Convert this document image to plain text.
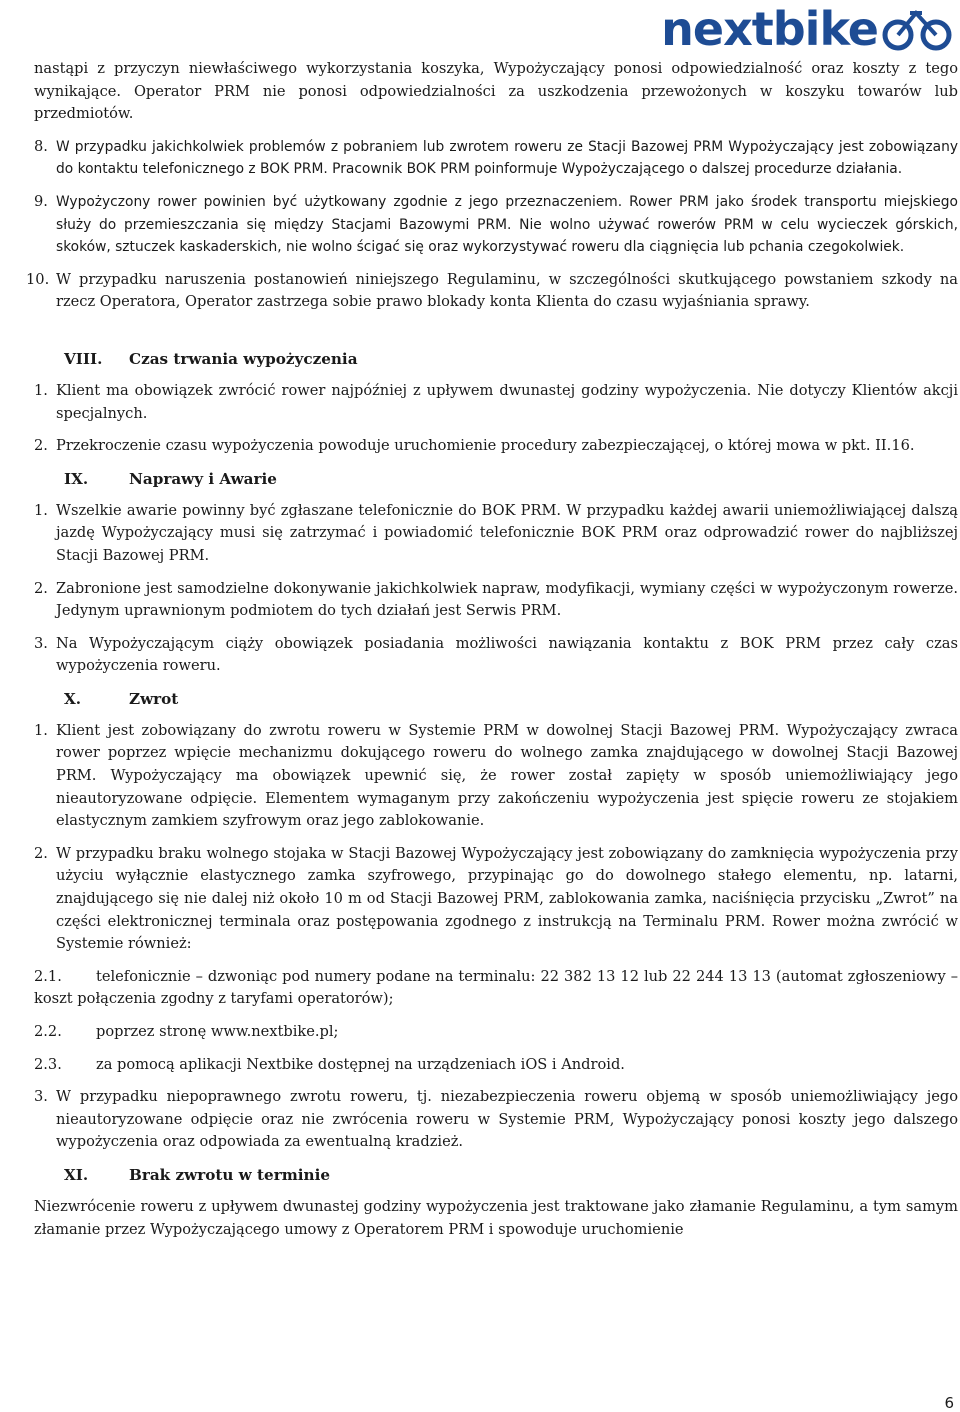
nextbike

nastąpi z przyczyn niewłaściwego wykorzystania koszyka, Wypożyczający ponosi odpowiedzialność oraz koszty z tego wynikające. Operator PRM nie ponosi odpowiedzialności za uszkodzenia przewożonych w koszyku towarów lub przedmiotów.

8. W przypadku jakichkolwiek problemów z pobraniem lub zwrotem roweru ze Stacji Bazowej PRM Wypożyczający jest zobowiązany do kontaktu telefonicznego z BOK PRM. Pracownik BOK PRM poinformuje Wypożyczającego o dalszej procedurze działania.
9. Wypożyczony rower powinien być użytkowany zgodnie z jego przeznaczeniem. Rower PRM jako środek transportu miejskiego służy do przemieszczania się między Stacjami Bazowymi PRM. Nie wolno używać rowerów PRM w celu wycieczek górskich, skoków, sztuczek kaskaderskich, nie wolno ścigać się oraz wykorzystywać roweru dla ciągnięcia lub pchania czegokolwiek.
10. W przypadku naruszenia postanowień niniejszego Regulaminu, w szczególności skutkującego powstaniem szkody na rzecz Operatora, Operator zastrzega sobie prawo blokady konta Klienta do czasu wyjaśniania sprawy.
VIII.	Czas trwania wypożyczenia
1. Klient ma obowiązek zwrócić rower najpóźniej z upływem dwunastej godziny wypożyczenia. Nie dotyczy Klientów akcji specjalnych.
2. Przekroczenie czasu wypożyczenia powoduje uruchomienie procedury zabezpieczającej, o której mowa w pkt. II.16.
IX.	Naprawy i Awarie
1. Wszelkie awarie powinny być zgłaszane telefonicznie do BOK PRM. W przypadku każdej awarii uniemożliwiającej dalszą jazdę Wypożyczający musi się zatrzymać i powiadomić telefonicznie BOK PRM oraz odprowadzić rower do najbliższej Stacji Bazowej PRM.
2. Zabronione jest samodzielne dokonywanie jakichkolwiek napraw, modyfikacji, wymiany części w wypożyczonym rowerze. Jedynym uprawnionym podmiotem do tych działań jest Serwis PRM.
3. Na Wypożyczającym ciąży obowiązek posiadania możliwości nawiązania kontaktu z BOK PRM przez cały czas wypożyczenia roweru.
X.	Zwrot
1. Klient jest zobowiązany do zwrotu roweru w Systemie PRM w dowolnej Stacji Bazowej PRM. Wypożyczający zwraca rower poprzez wpięcie mechanizmu dokującego roweru do wolnego zamka znajdującego w dowolnej Stacji Bazowej PRM. Wypożyczający ma obowiązek upewnić się, że rower został zapięty w sposób uniemożliwiający jego nieautoryzowane odpięcie. Elementem wymaganym przy zakończeniu wypożyczenia jest spięcie roweru ze stojakiem elastycznym zamkiem szyfrowym oraz jego zablokowanie.
2. W przypadku braku wolnego stojaka w Stacji Bazowej Wypożyczający jest zobowiązany do zamknięcia wypożyczenia przy użyciu wyłącznie elastycznego zamka szyfrowego, przypinając go do dowolnego stałego elementu, np. latarni, znajdującego się nie dalej niż około 10 m od Stacji Bazowej PRM, zablokowania zamka, naciśnięcia przycisku „Zwrot” na części elektronicznej terminala oraz postępowania zgodnego z instrukcją na Terminalu PRM. Rower można zwrócić w Systemie również:
2.1. telefonicznie – dzwoniąc pod numery podane na terminalu: 22 382 13 12 lub 22 244 13 13 (automat zgłoszeniowy – koszt połączenia zgodny z taryfami operatorów);
2.2.	poprzez stronę www.nextbike.pl;
2.3.	za pomocą aplikacji Nextbike dostępnej na urządzeniach iOS i Android.
3. W przypadku niepoprawnego zwrotu roweru, tj. niezabezpieczenia roweru objemą w sposób uniemożliwiający jego nieautoryzowane odpięcie oraz nie zwrócenia roweru w Systemie PRM, Wypożyczający ponosi koszty jego dalszego wypożyczenia oraz odpowiada za ewentualną kradzież.
XI.	Brak zwrotu w terminie

Niezwrócenie roweru z upływem dwunastej godziny wypożyczenia jest traktowane jako złamanie Regulaminu, a tym samym złamanie przez Wypożyczającego umowy z Operatorem PRM i spowoduje uruchomienie

6
